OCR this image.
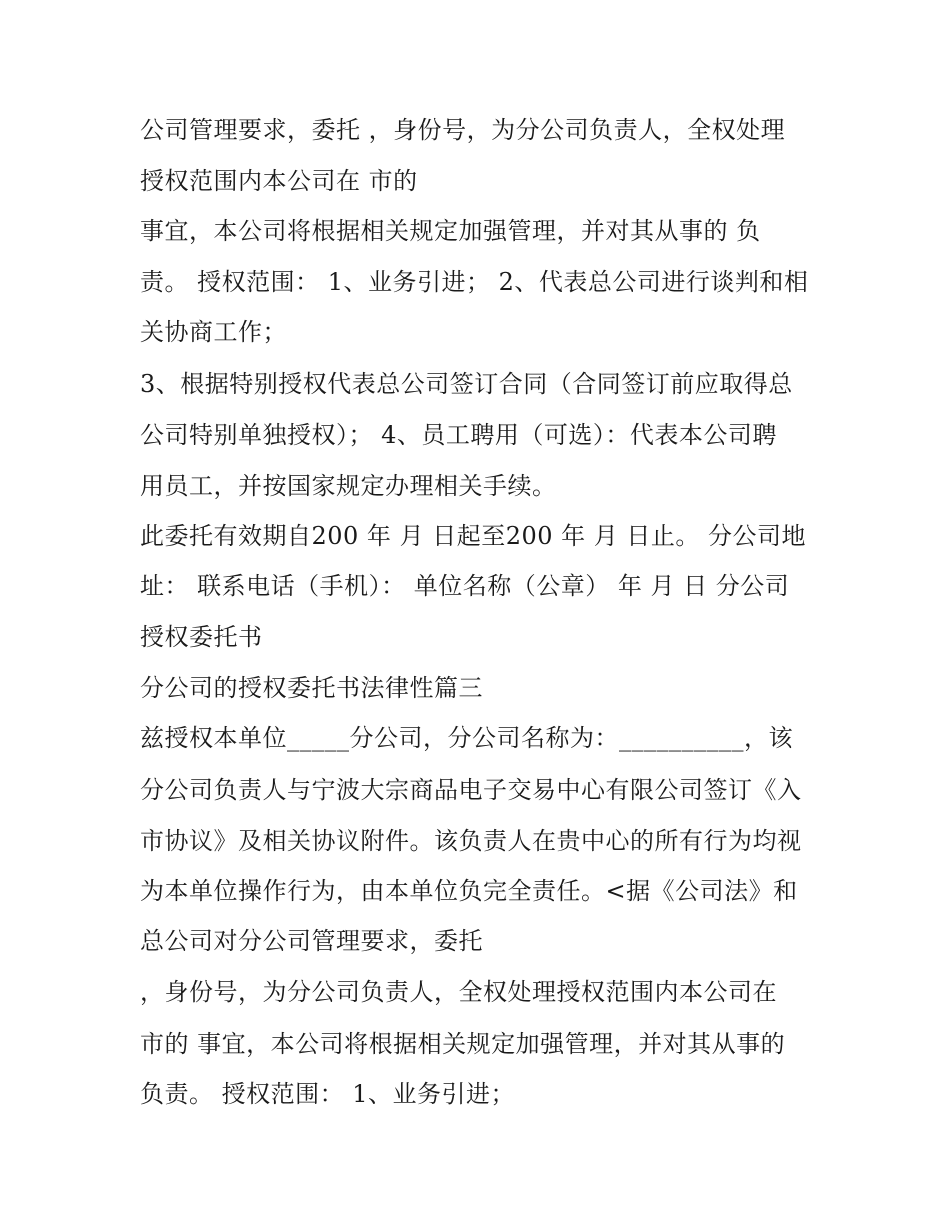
公司管理要求，委托 ，身份号，为分公司负责人，全权处理
授权范围内本公司在 市的
事宜，本公司将根据相关规定加强管理，并对其从事的 负
责。 授权范围： 1、业务引进； 2、代表总公司进行谈判和相
关协商工作；
3、根据特别授权代表总公司签订合同（合同签订前应取得总
公司特别单独授权）； 4、员工聘用（可选）：代表本公司聘
用员工，并按国家规定办理相关手续。
此委托有效期自200 年 月 日起至200 年 月 日止。 分公司地
址： 联系电话（手机）： 单位名称（公章） 年 月 日 分公司
授权委托书
分公司的授权委托书法律性篇三
兹授权本单位_____分公司，分公司名称为：__________，该
分公司负责人与宁波大宗商品电子交易中心有限公司签订《入
市协议》及相关协议附件。该负责人在贵中心的所有行为均视
为本单位操作行为，由本单位负完全责任。<据《公司法》和
总公司对分公司管理要求，委托
，身份号，为分公司负责人，全权处理授权范围内本公司在
市的 事宜，本公司将根据相关规定加强管理，并对其从事的
负责。 授权范围： 1、业务引进；
